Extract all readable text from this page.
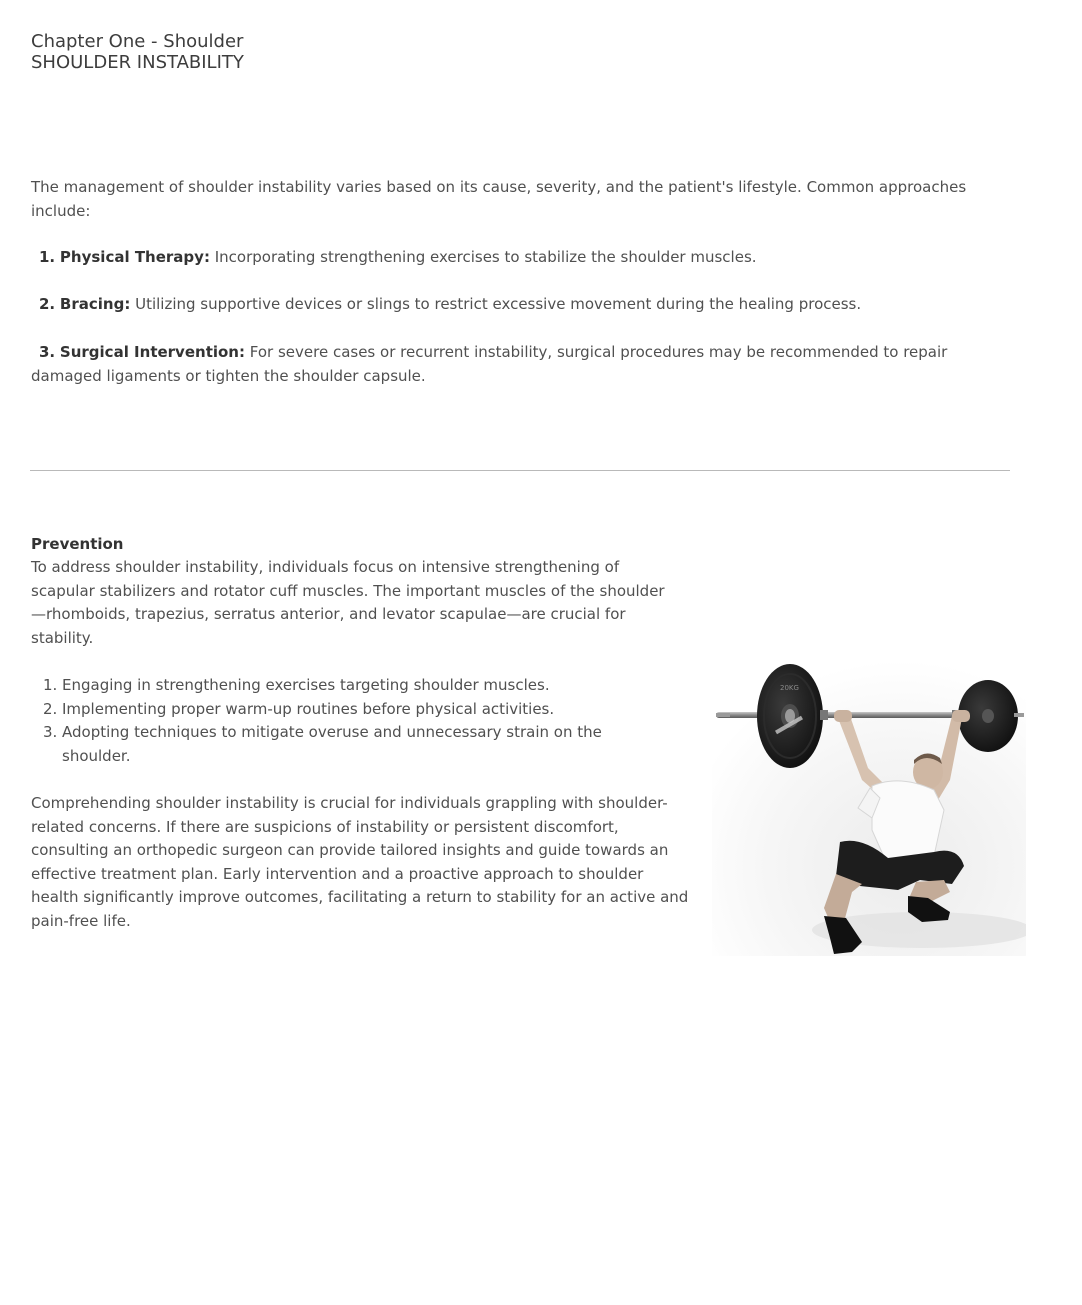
Chapter One - Shoulder
SHOULDER INSTABILITY

The management of shoulder instability varies based on its cause, severity, and the patient's lifestyle. Common approaches include:

1. Physical Therapy: Incorporating strengthening exercises to stabilize the shoulder muscles.
2. Bracing: Utilizing supportive devices or slings to restrict excessive movement during the healing process.
3. Surgical Intervention: For severe cases or recurrent instability, surgical procedures may be recommended to repair damaged ligaments or tighten the shoulder capsule.
Prevention

To address shoulder instability, individuals focus on intensive strengthening of scapular stabilizers and rotator cuff muscles. The important muscles of the shoulder—rhomboids, trapezius, serratus anterior, and levator scapulae—are crucial for stability.

1. Engaging in strengthening exercises targeting shoulder muscles.
2. Implementing proper warm-up routines before physical activities.
3. Adopting techniques to mitigate overuse and unnecessary strain on the shoulder.

Comprehending shoulder instability is crucial for individuals grappling with shoulder-related concerns. If there are suspicions of instability or persistent discomfort, consulting an orthopedic surgeon can provide tailored insights and guide towards an effective treatment plan. Early intervention and a proactive approach to shoulder health significantly improve outcomes, facilitating a return to stability for an active and pain-free life.

20KG
